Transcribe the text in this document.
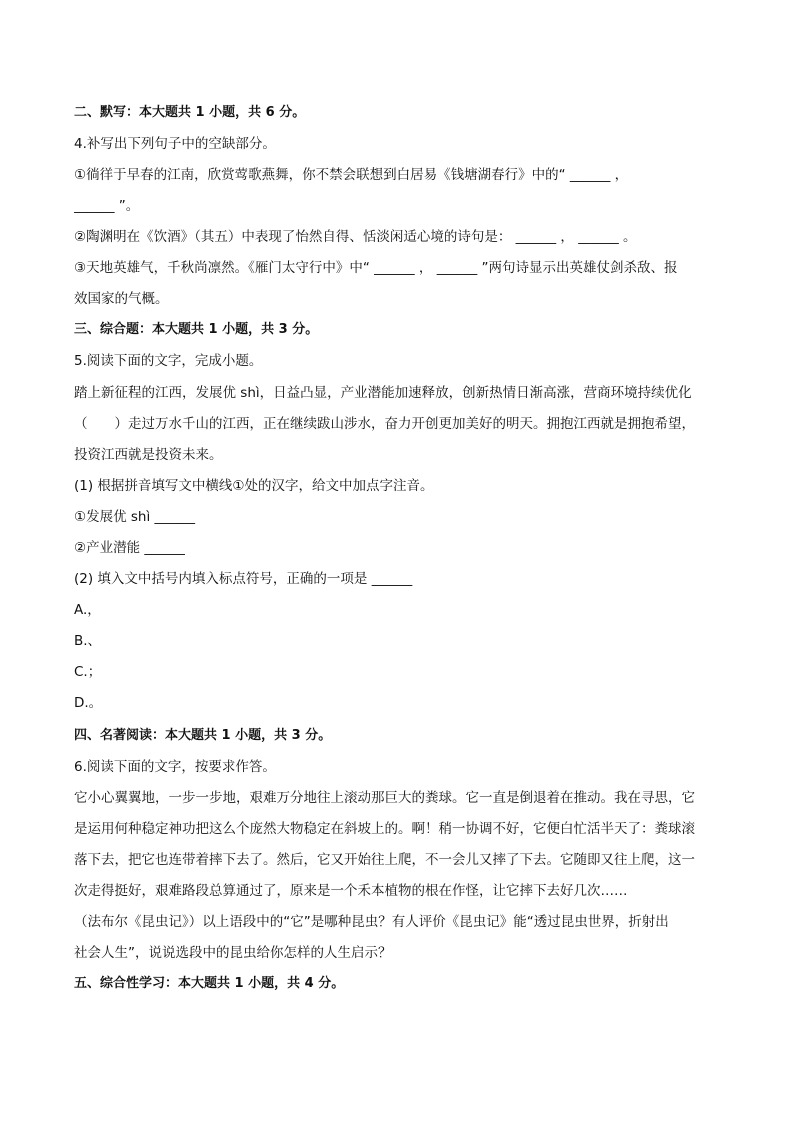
二、默写：本大题共 1 小题，共 6 分。
4.补写出下列句子中的空缺部分。
①徜徉于早春的江南，欣赏莺歌燕舞，你不禁会联想到白居易《钱塘湖春行》中的“ ______ ，
______ ”。
②陶渊明在《饮酒》（其五）中表现了怡然自得、恬淡闲适心境的诗句是： ______ ， ______ 。
③天地英雄气，千秋尚凛然。《雁门太守行中》中“ ______ ， ______ ”两句诗显示出英雄仗剑杀敌、报
效国家的气概。
三、综合题：本大题共 1 小题，共 3 分。
5.阅读下面的文字，完成小题。
踏上新征程的江西，发展优 shì，日益凸显，产业潜能加速释放，创新热情日渐高涨，营商环境持续优化
（　　）走过万水千山的江西，正在继续跋山涉水，奋力开创更加美好的明天。拥抱江西就是拥抱希望，
投资江西就是投资未来。
(1) 根据拼音填写文中横线①处的汉字，给文中加点字注音。
①发展优 shì ______
②产业潜能 ______
(2) 填入文中括号内填入标点符号，正确的一项是 ______
A.，
B.、
C.；
D.。
四、名著阅读：本大题共 1 小题，共 3 分。
6.阅读下面的文字，按要求作答。
它小心翼翼地，一步一步地，艰难万分地往上滚动那巨大的粪球。它一直是倒退着在推动。我在寻思，它
是运用何种稳定神功把这么个庞然大物稳定在斜坡上的。啊！稍一协调不好，它便白忙活半天了：粪球滚
落下去，把它也连带着摔下去了。然后，它又开始往上爬，不一会儿又摔了下去。它随即又往上爬，这一
次走得挺好，艰难路段总算通过了，原来是一个禾本植物的根在作怪，让它摔下去好几次……
（法布尔《昆虫记》）以上语段中的“它”是哪种昆虫？有人评价《昆虫记》能“透过昆虫世界，折射出
社会人生”，说说选段中的昆虫给你怎样的人生启示？
五、综合性学习：本大题共 1 小题，共 4 分。
